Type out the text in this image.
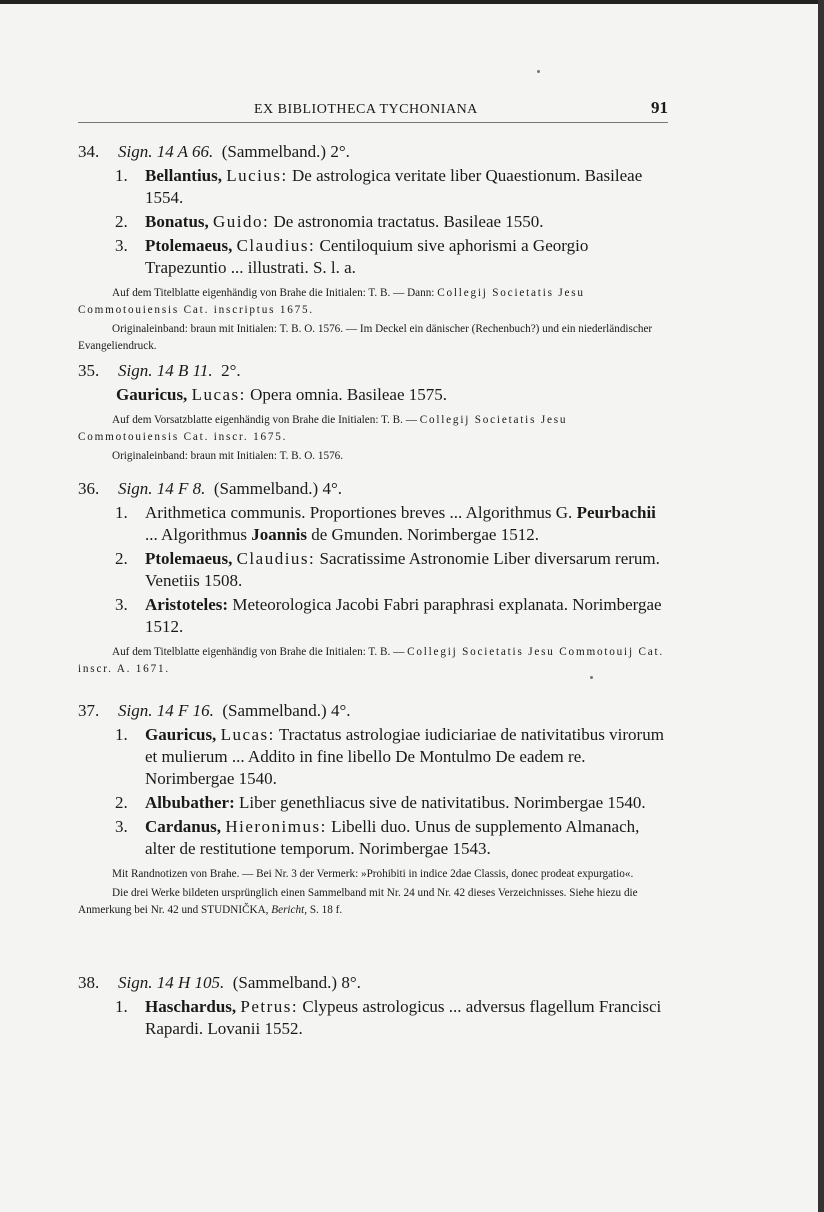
EX BIBLIOTHECA TYCHONIANA	91
34. Sign. 14 A 66. (Sammelband.) 2°.
1. Bellantius, Lucius: De astrologica veritate liber Quaestionum. Basileae 1554.
2. Bonatus, Guido: De astronomia tractatus. Basileae 1550.
3. Ptolemaeus, Claudius: Centiloquium sive aphorismi a Georgio Trapezuntio ... illustrati. S. l. a.
Auf dem Titelblatte eigenhändig von Brahe die Initialen: T. B. — Dann: Collegij Societatis Jesu Commotouiensis Cat. inscriptus 1675.
Originaleinband: braun mit Initialen: T. B. O. 1576. — Im Deckel ein dänischer (Rechenbuch?) und ein niederländischer Evangeliendruck.
35. Sign. 14 B 11. 2°.
Gauricus, Lucas: Opera omnia. Basileae 1575.
Auf dem Vorsatzblatte eigenhändig von Brahe die Initialen: T. B. — Collegij Societatis Jesu Commotouiensis Cat. inscr. 1675.
Originaleinband: braun mit Initialen: T. B. O. 1576.
36. Sign. 14 F 8. (Sammelband.) 4°.
1. Arithmetica communis. Proportiones breves ... Algorithmus G. Peurbachii ... Algorithmus Joannis de Gmunden. Norimbergae 1512.
2. Ptolemaeus, Claudius: Sacratissime Astronomie Liber diversarum rerum. Venetiis 1508.
3. Aristoteles: Meteorologica Jacobi Fabri paraphrasi explanata. Norimbergae 1512.
Auf dem Titelblatte eigenhändig von Brahe die Initialen: T. B. — Collegij Societatis Jesu Commotouij Cat. inscr. A. 1671.
37. Sign. 14 F 16. (Sammelband.) 4°.
1. Gauricus, Lucas: Tractatus astrologiae iudiciariae de nativitatibus virorum et mulierum ... Addito in fine libello De Montulmo De eadem re. Norimbergae 1540.
2. Albubather: Liber genethliacus sive de nativitatibus. Norimbergae 1540.
3. Cardanus, Hieronimus: Libelli duo. Unus de supplemento Almanach, alter de restitutione temporum. Norimbergae 1543.
Mit Randnotizen von Brahe. — Bei Nr. 3 der Vermerk: »Prohibiti in indice 2dae Classis, donec prodeat expurgatio«.
Die drei Werke bildeten ursprünglich einen Sammelband mit Nr. 24 und Nr. 42 dieses Verzeichnisses. Siehe hiezu die Anmerkung bei Nr. 42 und STUDNIČKA, Bericht, S. 18 f.
38. Sign. 14 H 105. (Sammelband.) 8°.
1. Haschardus, Petrus: Clypeus astrologicus ... adversus flagellum Francisci Rapardi. Lovanii 1552.
